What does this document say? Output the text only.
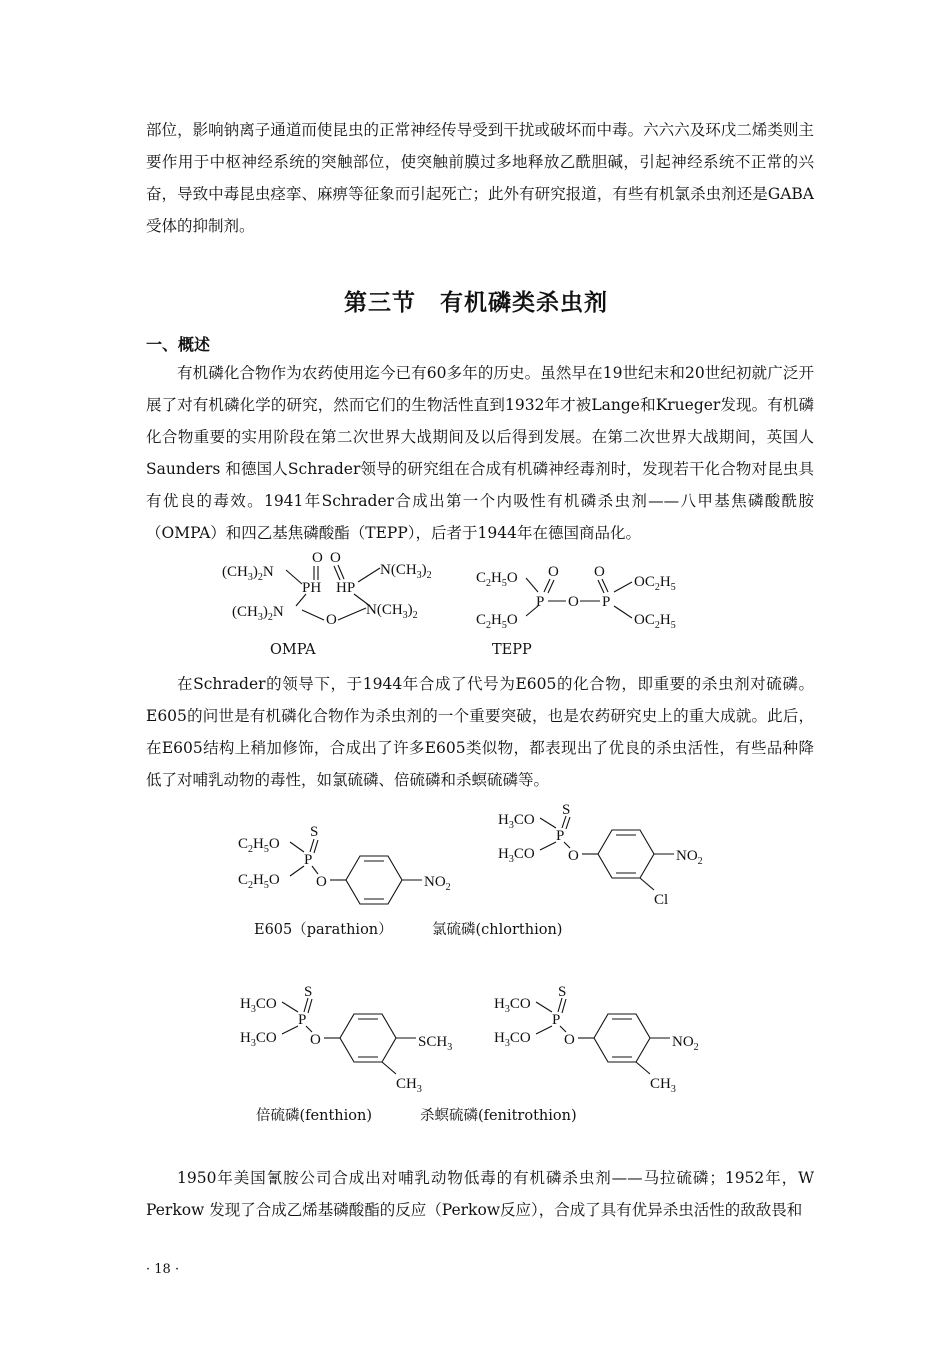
部位，影响钠离子通道而使昆虫的正常神经传导受到干扰或破坏而中毒。六六六及环戊二烯类则主要作用于中枢神经系统的突触部位，使突触前膜过多地释放乙酰胆碱，引起神经系统不正常的兴奋，导致中毒昆虫痉挛、麻痹等征象而引起死亡；此外有研究报道，有些有机氯杀虫剂还是GABA受体的抑制剂。

第三节　有机磷类杀虫剂

一、概述

有机磷化合物作为农药使用迄今已有60多年的历史。虽然早在19世纪末和20世纪初就广泛开展了对有机磷化学的研究，然而它们的生物活性直到1932年才被Lange和Krueger发现。有机磷化合物重要的实用阶段在第二次世界大战期间及以后得到发展。在第二次世界大战期间，英国人Saunders 和德国人Schrader领导的研究组在合成有机磷神经毒剂时，发现若干化合物对昆虫具有优良的毒效。1941年Schrader合成出第一个内吸性有机磷杀虫剂——八甲基焦磷酸酰胺（OMPA）和四乙基焦磷酸酯（TEPP），后者于1944年在德国商品化。

$(CH_3)_2N$
$(CH_3)_2N$
$N(CH_3)_2$
$N(CH_3)_2$
PH HP
O O
O
$C_2H_5O$
$C_2H_5O$
$OC_2H_5$
$OC_2H_5$
P	P
O
O O

OMPA	TEPP

在Schrader的领导下，于1944年合成了代号为E605的化合物，即重要的杀虫剂对硫磷。E605的问世是有机磷化合物作为杀虫剂的一个重要突破，也是农药研究史上的重大成就。此后，在E605结构上稍加修饰，合成出了许多E605类似物，都表现出了优良的杀虫活性，有些品种降低了对哺乳动物的毒性，如氯硫磷、倍硫磷和杀螟硫磷等。

$C_2H_5O$
$C_2H_5O$
S
P
O	$NO_2$
$H_3CO$
$H_3CO$
S
P
O	$NO_2$
Cl

E605（parathion）	氯硫磷(chlorthion)

$H_3CO$
$H_3CO$
S
P
O	$SCH_3$
$CH_3$
$H_3CO$
$H_3CO$
S
P
O	$NO_2$
$CH_3$

倍硫磷(fenthion)	杀螟硫磷(fenitrothion)

1950年美国氰胺公司合成出对哺乳动物低毒的有机磷杀虫剂——马拉硫磷；1952年，W Perkow 发现了合成乙烯基磷酸酯的反应（Perkow反应），合成了具有优异杀虫活性的敌敌畏和

· 18 ·
